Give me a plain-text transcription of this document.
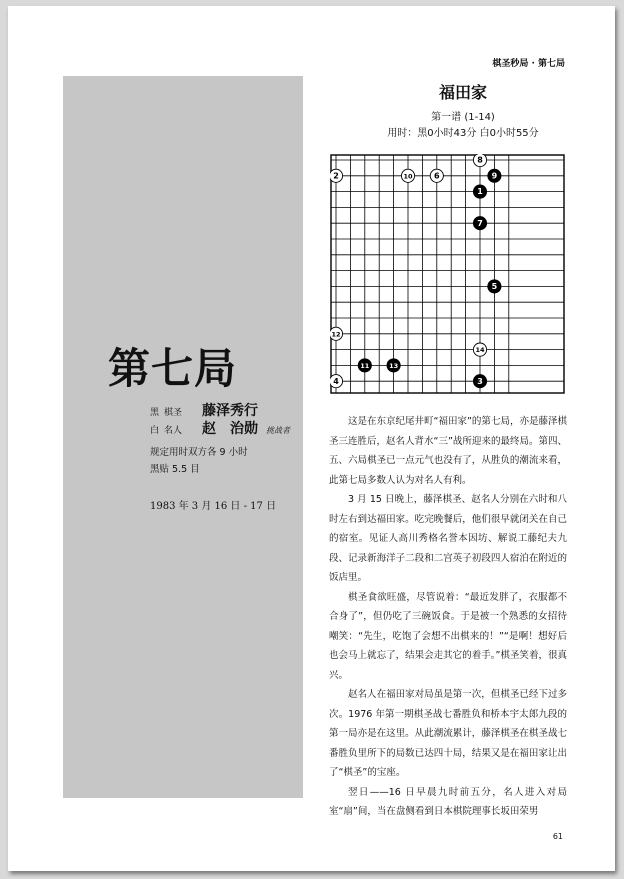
棋圣秒局 · 第七局
第七局
黑 棋圣	藤泽秀行
白 名人	赵　治勋 挑战者
规定用时双方各 9 小时
黑贴 5.5 目
1983 年 3 月 16 日 - 17 日
福田家
第一谱 (1-14)
用时：黑0小时43分 白0小时55分
2	10	6
8
9
1
7
5
12
14
4
11	13
3

这是在东京纪尾井町“福田家”的第七局，亦是藤泽棋圣三连胜后，赵名人背水“三”战所迎来的最终局。第四、五、六局棋圣已一点元气也没有了，从胜负的潮流来看，此第七局多数人认为对名人有利。

3 月 15 日晚上，藤泽棋圣、赵名人分别在六时和八时左右到达福田家。吃完晚餐后，他们很早就闭关在自己的宿室。见证人高川秀格名誉本因坊、解说工藤纪夫九段、记录新海洋子二段和二宫英子初段四人宿泊在附近的饭店里。

棋圣食欲旺盛，尽管说着：“最近发胖了，衣服都不合身了”，但仍吃了三碗饭食。于是被一个熟悉的女招待嘲笑：“先生，吃饱了会想不出棋来的！”“是啊！想好后也会马上就忘了，结果会走其它的着手。”棋圣笑着，很真兴。

赵名人在福田家对局虽是第一次，但棋圣已经下过多次。1976 年第一期棋圣战七番胜负和桥本宇太郎九段的第一局亦是在这里。从此潮流累计，藤泽棋圣在棋圣战七番胜负里所下的局数已达四十局，结果又是在福田家让出了“棋圣”的宝座。

翌日——16 日早晨九时前五分，名人进入对局室“扇”间，当在盘侧看到日本棋院理事长坂田荣男

61
